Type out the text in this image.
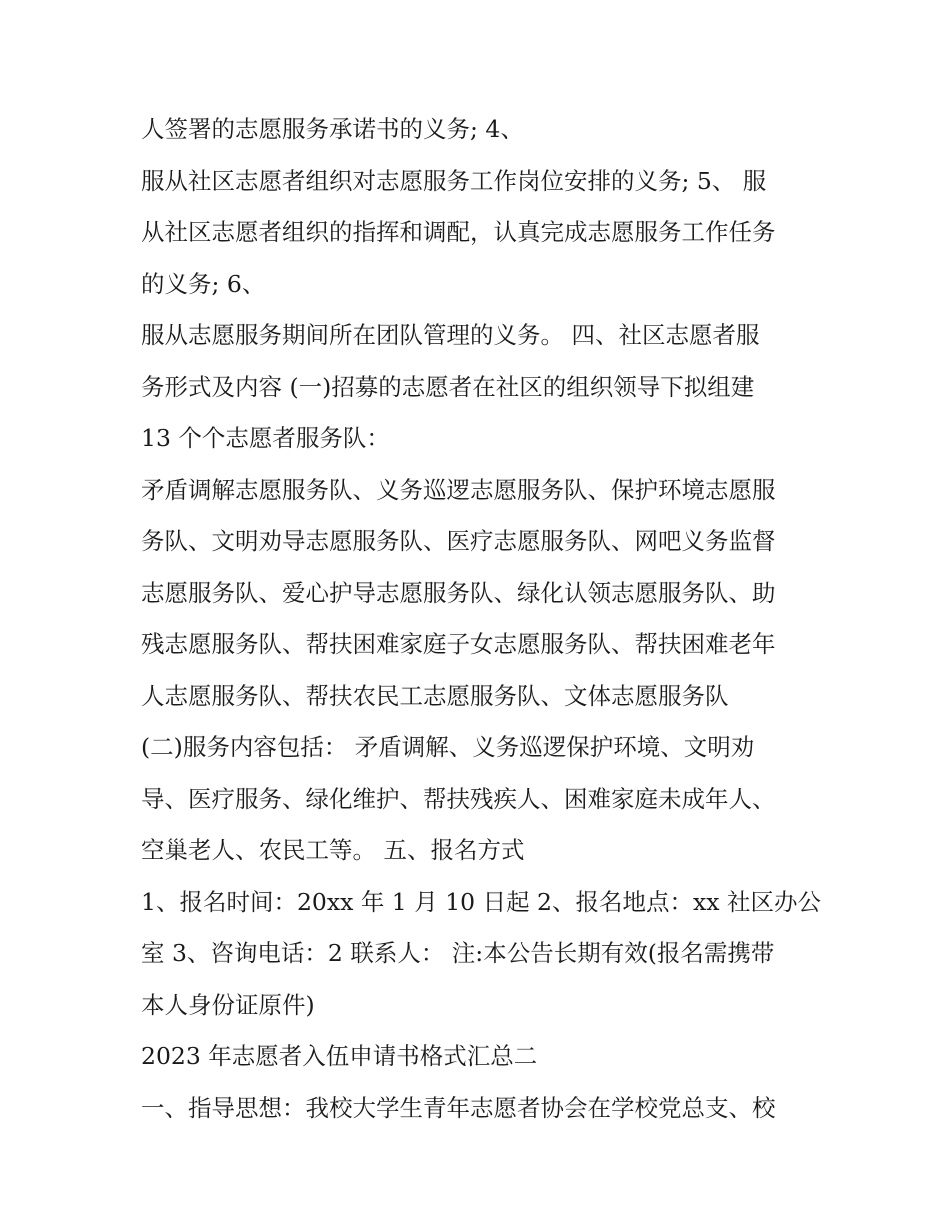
人签署的志愿服务承诺书的义务; 4、
服从社区志愿者组织对志愿服务工作岗位安排的义务; 5、 服
从社区志愿者组织的指挥和调配，认真完成志愿服务工作任务
的义务; 6、
服从志愿服务期间所在团队管理的义务。 四、社区志愿者服
务形式及内容 (一)招募的志愿者在社区的组织领导下拟组建
13 个个志愿者服务队：
矛盾调解志愿服务队、义务巡逻志愿服务队、保护环境志愿服
务队、文明劝导志愿服务队、医疗志愿服务队、网吧义务监督
志愿服务队、爱心护导志愿服务队、绿化认领志愿服务队、助
残志愿服务队、帮扶困难家庭子女志愿服务队、帮扶困难老年
人志愿服务队、帮扶农民工志愿服务队、文体志愿服务队
(二)服务内容包括： 矛盾调解、义务巡逻保护环境、文明劝
导、医疗服务、绿化维护、帮扶残疾人、困难家庭未成年人、
空巢老人、农民工等。 五、报名方式
1、报名时间：20xx 年 1 月 10 日起 2、报名地点：xx 社区办公
室 3、咨询电话：2 联系人： 注:本公告长期有效(报名需携带
本人身份证原件)
2023 年志愿者入伍申请书格式汇总二
一、指导思想：我校大学生青年志愿者协会在学校党总支、校
